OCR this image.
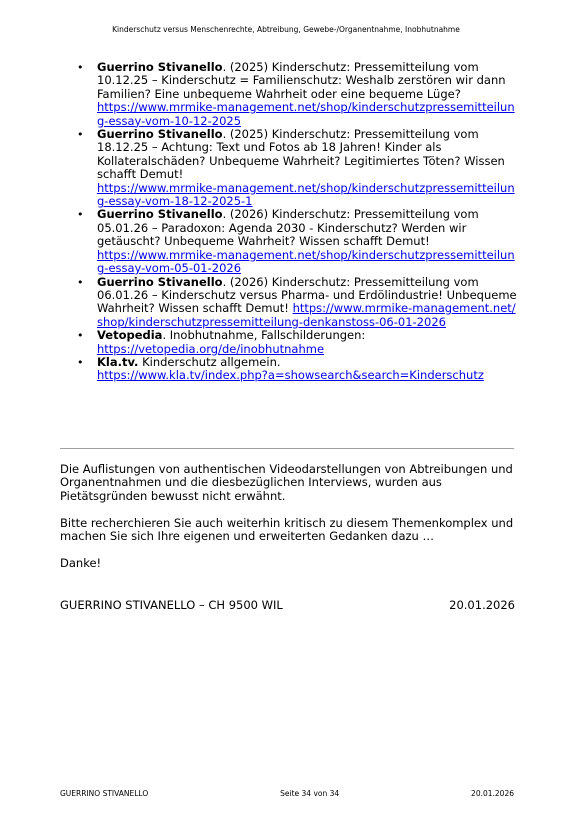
Kinderschutz versus Menschenrechte, Abtreibung, Gewebe-/Organentnahme, Inobhutnahme
• Guerrino Stivanello. (2025) Kinderschutz: Pressemitteilung vom 10.12.25 – Kinderschutz = Familienschutz: Weshalb zerstören wir dann Familien? Eine unbequeme Wahrheit oder eine bequeme Lüge?
https://www.mrmike-management.net/shop/kinderschutzpressemitteilung-essay-vom-10-12-2025
• Guerrino Stivanello. (2025) Kinderschutz: Pressemitteilung vom 18.12.25 – Achtung: Text und Fotos ab 18 Jahren! Kinder als Kollateralschäden? Unbequeme Wahrheit? Legitimiertes Töten? Wissen schafft Demut!
https://www.mrmike-management.net/shop/kinderschutzpressemitteilung-essay-vom-18-12-2025-1
• Guerrino Stivanello. (2026) Kinderschutz: Pressemitteilung vom 05.01.26 – Paradoxon: Agenda 2030 - Kinderschutz? Werden wir getäuscht? Unbequeme Wahrheit? Wissen schafft Demut!
https://www.mrmike-management.net/shop/kinderschutzpressemitteilung-essay-vom-05-01-2026
• Guerrino Stivanello. (2026) Kinderschutz: Pressemitteilung vom 06.01.26 – Kinderschutz versus Pharma- und Erdölindustrie! Unbequeme Wahrheit? Wissen schafft Demut! https://www.mrmike-management.net/shop/kinderschutzpressemitteilung-denkanstoss-06-01-2026
• Vetopedia. Inobhutnahme, Fallschilderungen:
https://vetopedia.org/de/inobhutnahme
• Kla.tv. Kinderschutz allgemein.
https://www.kla.tv/index.php?a=showsearch&search=Kinderschutz

Die Auflistungen von authentischen Videodarstellungen von Abtreibungen und Organentnahmen und die diesbezüglichen Interviews, wurden aus Pietätsgründen bewusst nicht erwähnt.

Bitte recherchieren Sie auch weiterhin kritisch zu diesem Themenkomplex und machen Sie sich Ihre eigenen und erweiterten Gedanken dazu …

Danke!

GUERRINO STIVANELLO – CH 9500 WIL	20.01.2026
GUERRINO STIVANELLO	Seite 34 von 34	20.01.2026
